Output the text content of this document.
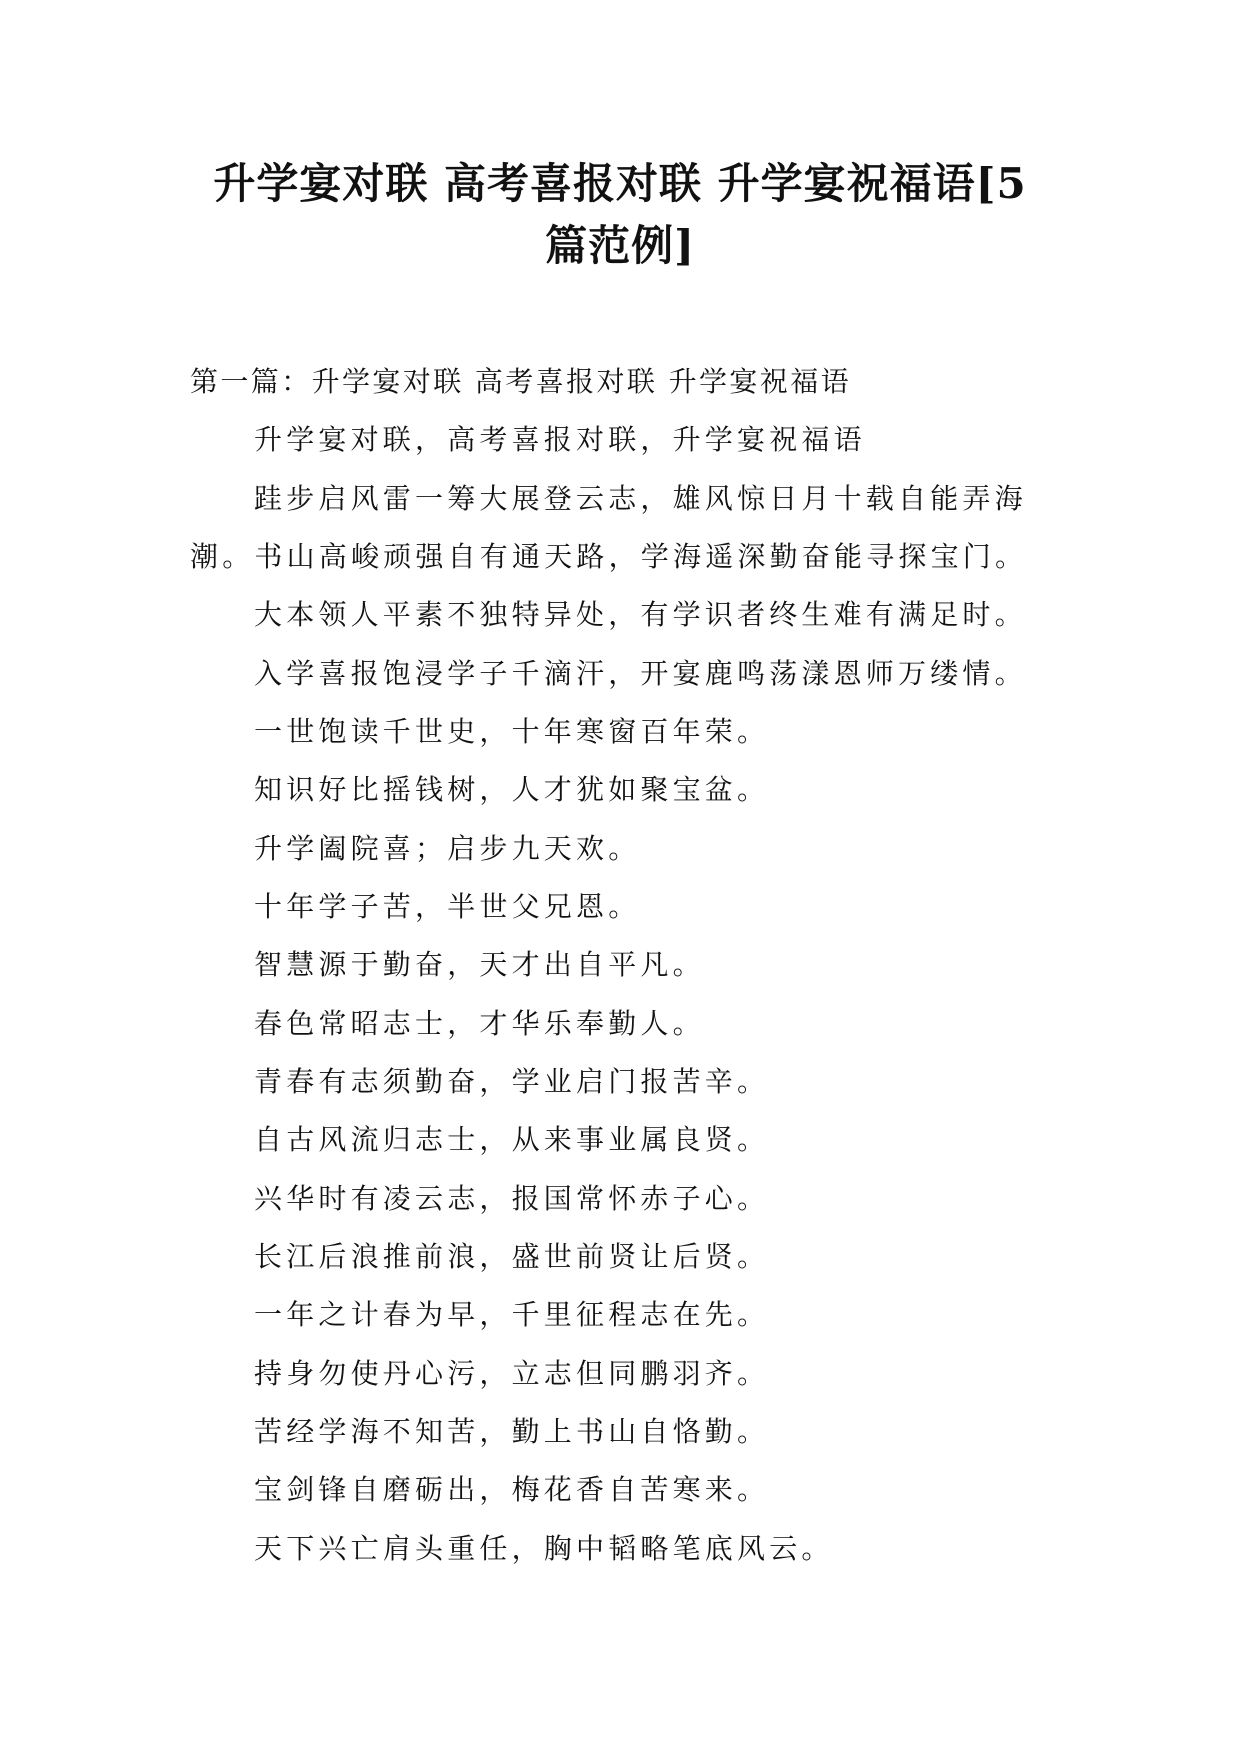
升学宴对联 高考喜报对联 升学宴祝福语[5
篇范例]
第一篇：升学宴对联 高考喜报对联 升学宴祝福语
升学宴对联，高考喜报对联，升学宴祝福语
跬步启风雷一筹大展登云志，雄风惊日月十载自能弄海
潮。书山高峻顽强自有通天路，学海遥深勤奋能寻探宝门。
大本领人平素不独特异处，有学识者终生难有满足时。
入学喜报饱浸学子千滴汗，开宴鹿鸣荡漾恩师万缕情。
一世饱读千世史，十年寒窗百年荣。
知识好比摇钱树，人才犹如聚宝盆。
升学阖院喜；启步九天欢。
十年学子苦，半世父兄恩。
智慧源于勤奋，天才出自平凡。
春色常昭志士，才华乐奉勤人。
青春有志须勤奋，学业启门报苦辛。
自古风流归志士，从来事业属良贤。
兴华时有凌云志，报国常怀赤子心。
长江后浪推前浪，盛世前贤让后贤。
一年之计春为早，千里征程志在先。
持身勿使丹心污，立志但同鹏羽齐。
苦经学海不知苦，勤上书山自恪勤。
宝剑锋自磨砺出，梅花香自苦寒来。
天下兴亡肩头重任，胸中韬略笔底风云。
